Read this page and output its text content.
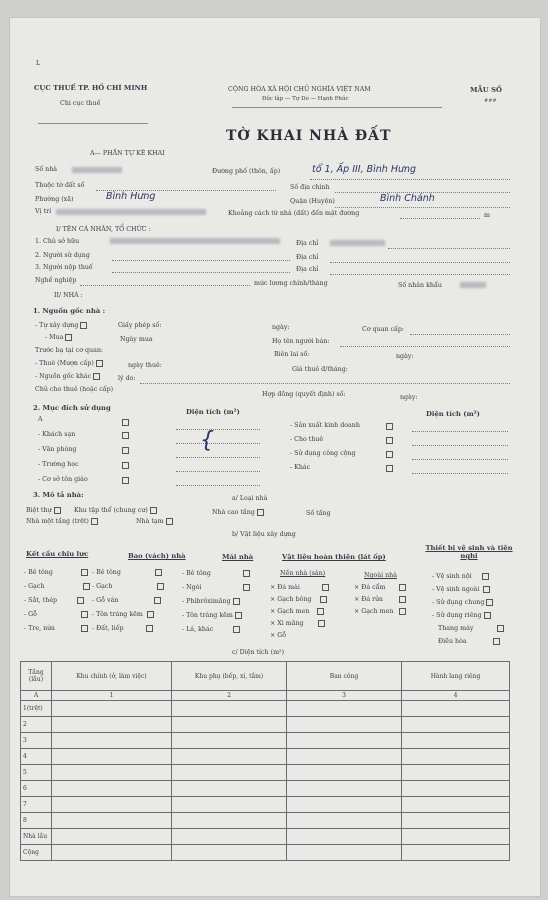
L
CỤC THUẾ TP. HỒ CHÍ MINH
Chi cục thuế
CỘNG HÒA XÃ HỘI CHỦ NGHĨA VIỆT NAM
Độc lập — Tự Do — Hạnh Phúc
MẪU SỐ
###
TỜ KHAI NHÀ ĐẤT
A— PHẦN TỰ KÊ KHAI
Số nhà	Đường phố (thôn, ấp)	tổ 1, Ấp III, Bình Hưng
Thuộc tờ đất số	Số địa chính
Phường (xã)	Bình Hưng	Quận (Huyện)	Bình Chánh
Vị trí	Khoảng cách từ nhà (đất) đến mặt đường	m
I/ TÊN CÁ NHÂN, TỔ CHỨC :
1. Chủ sở hữu	Địa chỉ
2. Người sử dụng	Địa chỉ
3. Người nộp thuế	Địa chỉ
Nghề nghiệp	mức lương chính/tháng	Số nhân khẩu
II/ NHÀ :
1. Nguồn gốc nhà :
- Tự xây dựng	Giấy phép số:	ngày:	Cơ quan cấp:
- Mua	Ngày mua	Họ tên người bán:
Trước bạ tại cơ quan:
Biên lai số:	ngày:
- Thuê (Mượn cấp)	ngày thuê:
Giá thuê đ/tháng:
- Nguồn gốc khác	lý do:
Chủ cho thuê (hoặc cấp)
Hợp đồng (quyết định) số:	ngày:
2. Mục đích sử dụng	Diện tích (m²)	Diện tích (m²)
A
- Khách sạn
- Văn phòng
- Trường học
- Cơ sở tôn giáo
{
- Sản xuất kinh doanh
- Cho thuê
- Sử dụng công cộng
- Khác
3. Mô tả nhà:	a/ Loại nhà
Biệt thự	Khu tập thể (chung cư)	Nhà cao tầng	Số tầng
Nhà một tầng (trệt)	Nhà tạm
b/ Vật liệu xây dựng
Kết cấu chịu lực	Bao (vách) nhà	Mái nhà	Vật liệu hoàn thiện (lát ốp)
Thiết bị vệ sinh và tiện nghi
- Bê tông
- Gạch
- Sắt, thép
- Gỗ
- Tre, nứa
- Bê tông
- Gạch
- Gỗ ván
- Tôn tráng kẽm
- Đất, liếp
- Bê tông
- Ngói
- Phibrôximăng
- Tôn tráng kẽm
- Lá, khác
Nền nhà (sàn)	Ngoài nhà
× Đá mài
× Gạch bông
× Gạch men
× Xi măng
× Gỗ
× Đá cẩm
× Đá rửa
× Gạch men
- Vệ sinh nội
- Vệ sinh ngoài
- Sử dụng chung
- Sử dụng riêng
Thang máy
Điều hòa
c/ Diện tích (m²)
Tầng (lầu)	Khu chính (ở, làm việc)	Khu phụ (bếp, xí, tắm)	Ban công	Hành lang riêng
A	1	2	3	4
1(trệt)				
2				
3				
4				
5				
6				
7				
8				
Nhà lầu				
Cộng				
